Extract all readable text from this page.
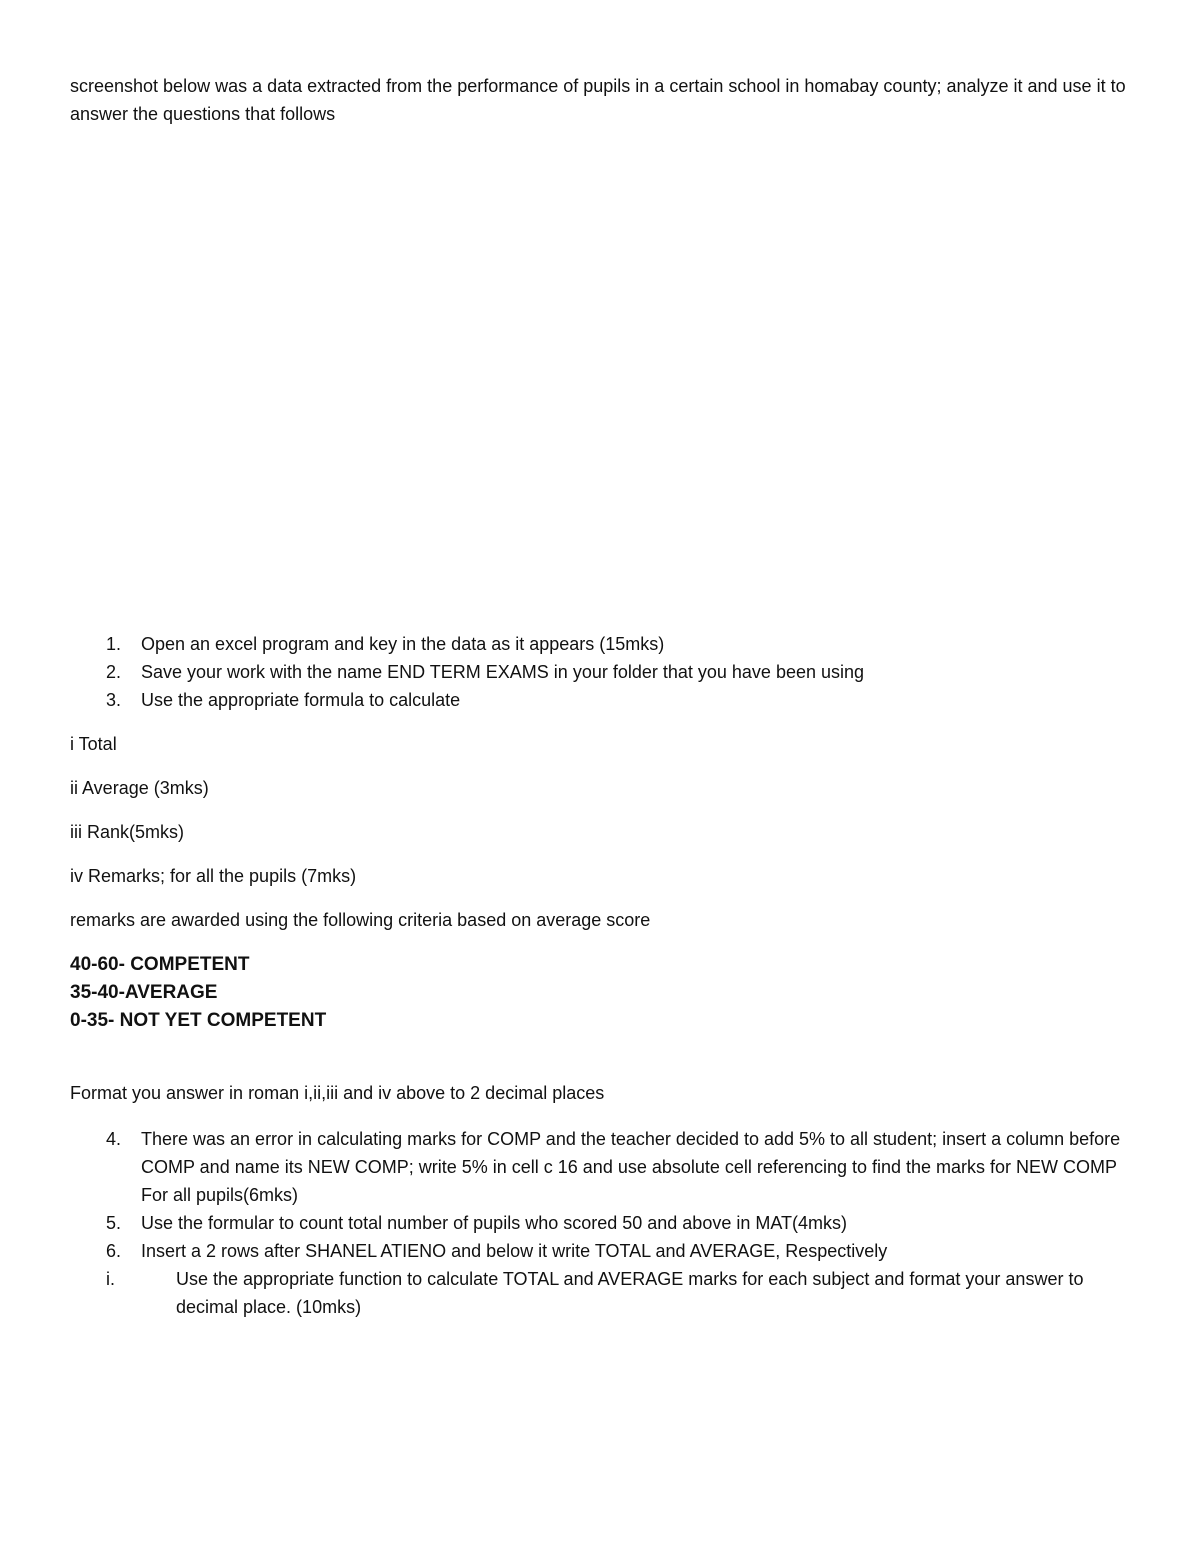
screenshot below was a data extracted from the performance of pupils in a certain school in homabay county; analyze it and use it to answer the questions that follows

1. Open an excel program and key in the data as it appears (15mks)
2. Save your work with the name END TERM EXAMS in your folder that you have been using
3. Use the appropriate formula to calculate

i Total

ii Average (3mks)

iii Rank(5mks)

iv Remarks; for all the pupils (7mks)

remarks are awarded using the following criteria based on average score

40-60- COMPETENT
35-40-AVERAGE
0-35- NOT YET COMPETENT

Format you answer in roman i,ii,iii and iv above to 2 decimal places

4. There was an error in calculating marks for COMP and the teacher decided to add 5% to all student; insert a column before COMP and name its NEW COMP; write 5% in cell c 16 and use absolute cell referencing to find the marks for NEW COMP For all pupils(6mks)
5. Use the formular to count total number of pupils who scored 50 and above in MAT(4mks)
6. Insert a 2 rows after SHANEL ATIENO and below it write TOTAL and AVERAGE, Respectively
i.	Use the appropriate function to calculate TOTAL and AVERAGE marks for each subject and format your answer to decimal place. (10mks)
